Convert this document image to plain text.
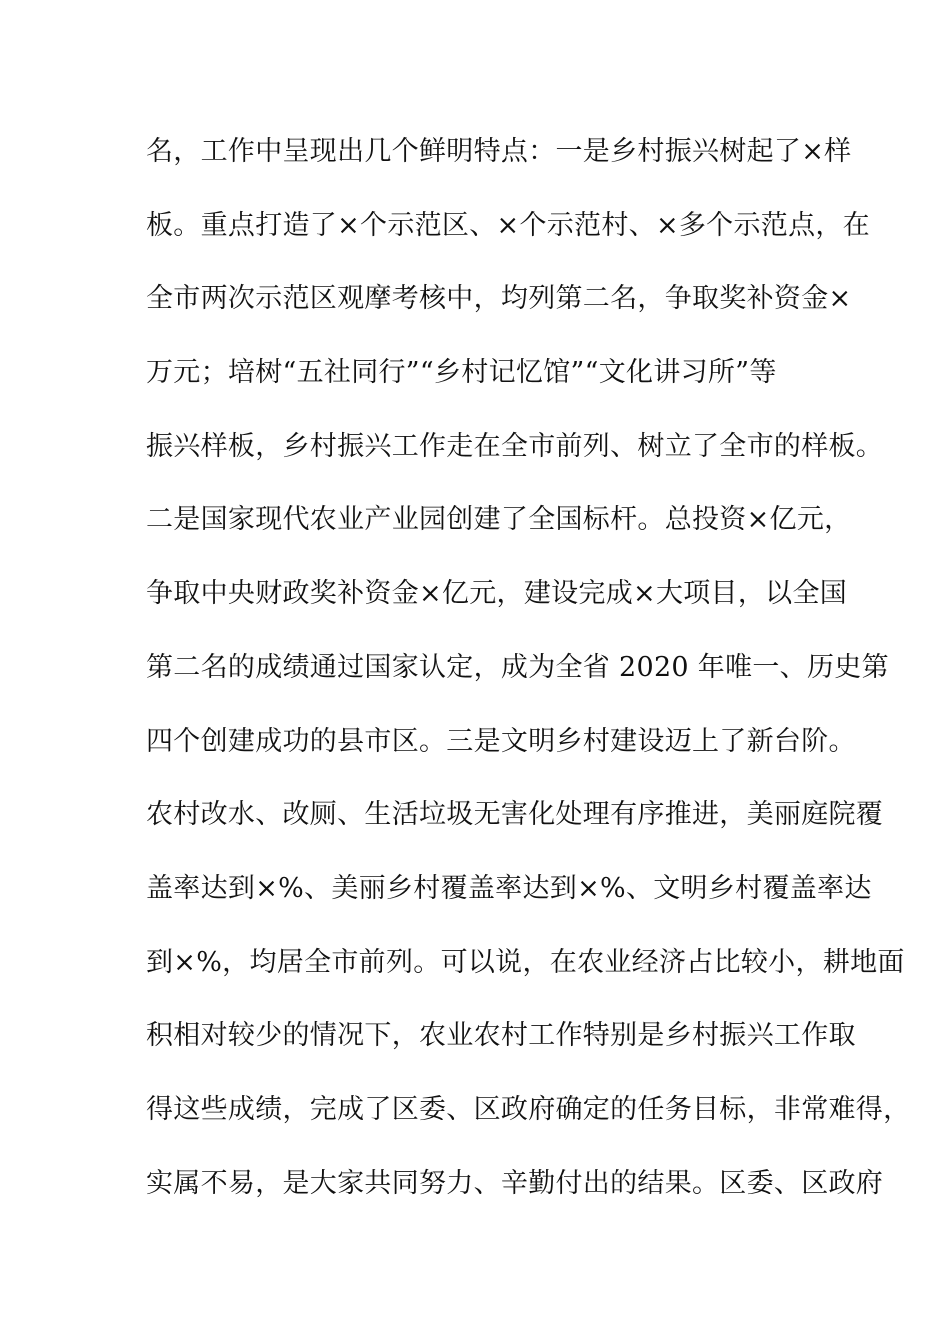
名，工作中呈现出几个鲜明特点：一是乡村振兴树起了×样
板。重点打造了×个示范区、×个示范村、×多个示范点，在
全市两次示范区观摩考核中，均列第二名，争取奖补资金×
万元；培树“五社同行”“乡村记忆馆”“文化讲习所”等
振兴样板，乡村振兴工作走在全市前列、树立了全市的样板。
二是国家现代农业产业园创建了全国标杆。总投资×亿元，
争取中央财政奖补资金×亿元，建设完成×大项目，以全国
第二名的成绩通过国家认定，成为全省 2020 年唯一、历史第
四个创建成功的县市区。三是文明乡村建设迈上了新台阶。
农村改水、改厕、生活垃圾无害化处理有序推进，美丽庭院覆
盖率达到×%、美丽乡村覆盖率达到×%、文明乡村覆盖率达
到×%，均居全市前列。可以说，在农业经济占比较小，耕地面
积相对较少的情况下，农业农村工作特别是乡村振兴工作取
得这些成绩，完成了区委、区政府确定的任务目标，非常难得，
实属不易，是大家共同努力、辛勤付出的结果。区委、区政府
